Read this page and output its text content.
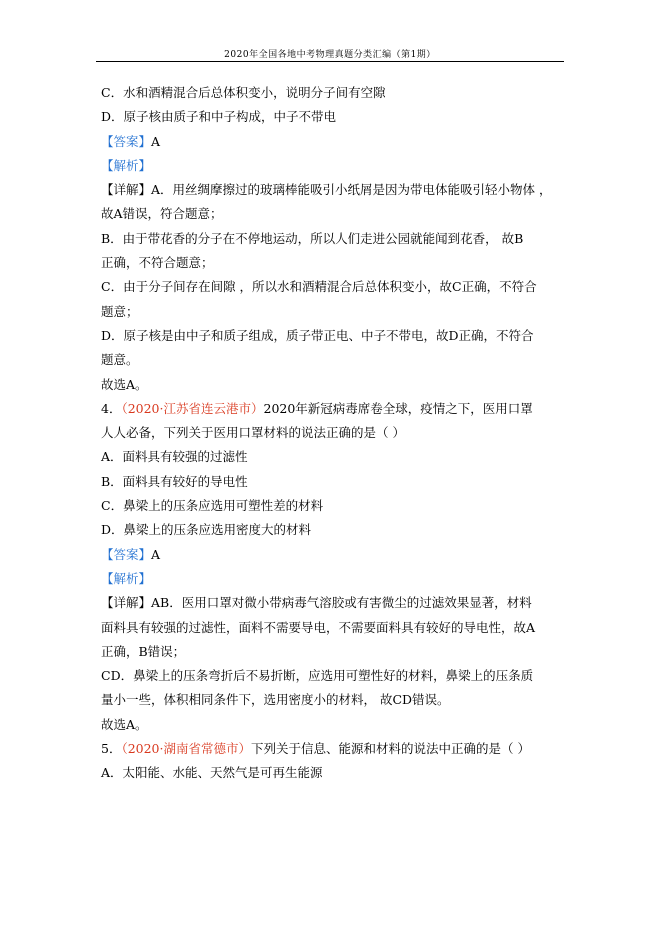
2020年全国各地中考物理真题分类汇编（第1期）
C．水和酒精混合后总体积变小，说明分子间有空隙
D．原子核由质子和中子构成，中子不带电
【答案】A
【解析】
【详解】A．用丝绸摩擦过的玻璃棒能吸引小纸屑是因为带电体能吸引轻小物体 ，
故A错误，符合题意；
B．由于带花香的分子在不停地运动，所以人们走进公园就能闻到花香， 故B
正确，不符合题意；
C．由于分子间存在间隙 ，所以水和酒精混合后总体积变小，故C正确，不符合
题意；
D．原子核是由中子和质子组成，质子带正电、中子不带电，故D正确，不符合
题意。
故选A。
4．（2020·江苏省连云港市）2020年新冠病毒席卷全球，疫情之下，医用口罩
人人必备，下列关于医用口罩材料的说法正确的是（ ）
A．面料具有较强的过滤性
B．面料具有较好的导电性
C．鼻梁上的压条应选用可塑性差的材料
D．鼻梁上的压条应选用密度大的材料
【答案】A
【解析】
【详解】AB．医用口罩对微小带病毒气溶胶或有害微尘的过滤效果显著，材料
面料具有较强的过滤性，面料不需要导电，不需要面料具有较好的导电性，故A
正确，B错误；
CD．鼻梁上的压条弯折后不易折断，应选用可塑性好的材料，鼻梁上的压条质
量小一些，体积相同条件下，选用密度小的材料， 故CD错误。
故选A。
5．（2020·湖南省常德市）下列关于信息、能源和材料的说法中正确的是（ ）
A．太阳能、水能、天然气是可再生能源
